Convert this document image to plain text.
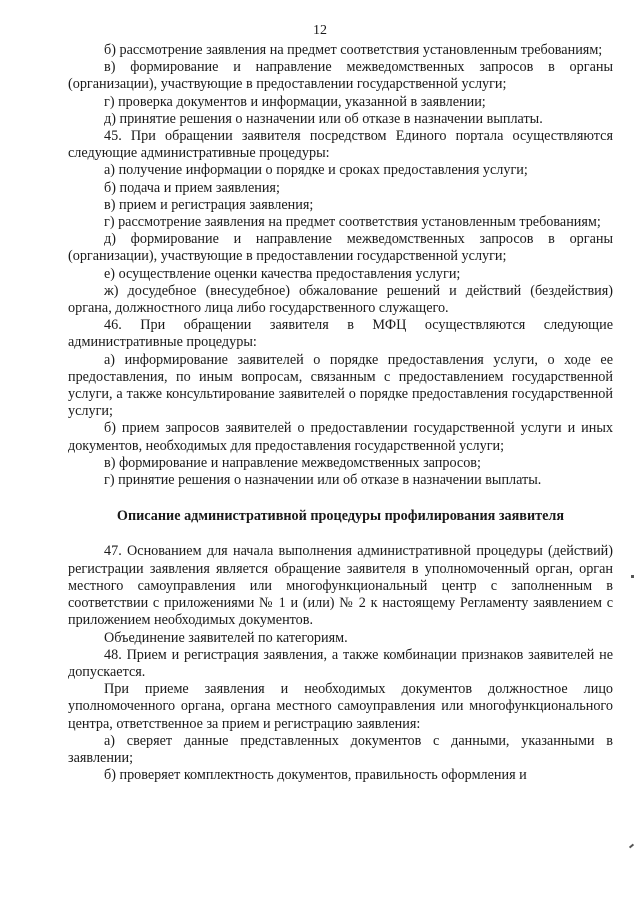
12

б) рассмотрение заявления на предмет соответствия установленным требованиям;

в) формирование и направление межведомственных запросов в органы (организации), участвующие в предоставлении государственной услуги;

г) проверка документов и информации, указанной в заявлении;

д) принятие решения о назначении или об отказе в назначении выплаты.

45. При обращении заявителя посредством Единого портала осуществляются следующие административные процедуры:

а) получение информации о порядке и сроках предоставления услуги;

б) подача и прием заявления;

в) прием и регистрация заявления;

г) рассмотрение заявления на предмет соответствия установленным требованиям;

д) формирование и направление межведомственных запросов в органы (организации), участвующие в предоставлении государственной услуги;

е) осуществление оценки качества предоставления услуги;

ж) досудебное (внесудебное) обжалование решений и действий (бездействия) органа, должностного лица либо государственного служащего.

46. При обращении заявителя в МФЦ осуществляются следующие административные процедуры:

а) информирование заявителей о порядке предоставления услуги, о ходе ее предоставления, по иным вопросам, связанным с предоставлением государственной услуги, а также консультирование заявителей о порядке предоставления государственной услуги;

б) прием запросов заявителей о предоставлении государственной услуги и иных документов, необходимых для предоставления государственной услуги;

в) формирование и направление межведомственных запросов;

г) принятие решения о назначении или об отказе в назначении выплаты.

Описание административной процедуры профилирования заявителя

47. Основанием для начала выполнения административной процедуры (действий) регистрации заявления является обращение заявителя в уполномоченный орган, орган местного самоуправления или многофункциональный центр с заполненным в соответствии с приложениями № 1 и (или) № 2 к настоящему Регламенту заявлением с приложением необходимых документов.

Объединение заявителей по категориям.

48. Прием и регистрация заявления, а также комбинации признаков заявителей не допускается.

При приеме заявления и необходимых документов должностное лицо уполномоченного органа, органа местного самоуправления или многофункционального центра, ответственное за прием и регистрацию заявления:

а) сверяет данные представленных документов с данными, указанными в заявлении;

б) проверяет комплектность документов, правильность оформления и
